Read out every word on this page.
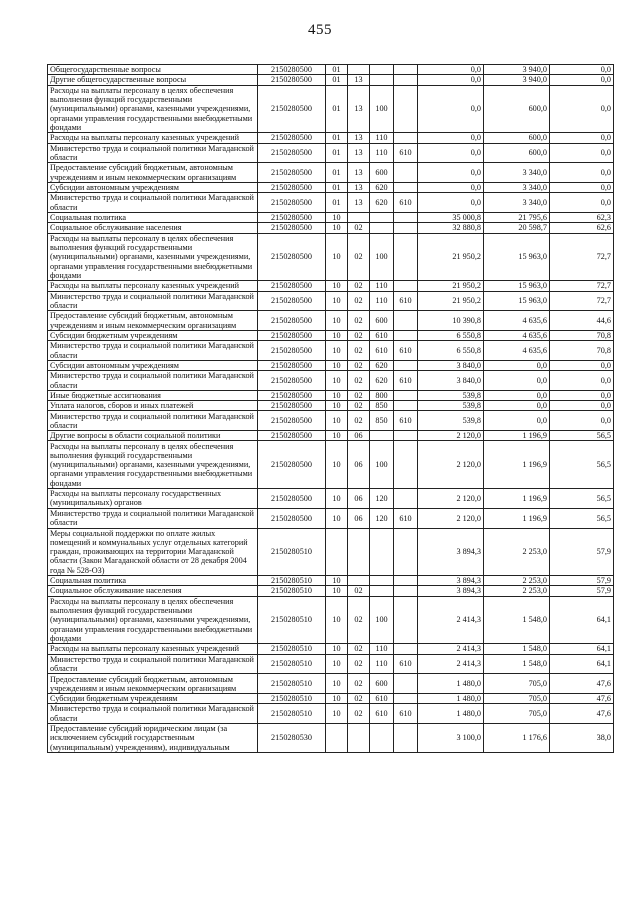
455
Общегосударственные вопросы	2150280500	01				0,0	3 940,0	0,0
Другие общегосударственные вопросы	2150280500	01	13			0,0	3 940,0	0,0
Расходы на выплаты персоналу в целях обеспечения выполнения функций государственными (муниципальными) органами, казенными учреждениями, органами управления государственными внебюджетными фондами	2150280500	01	13	100		0,0	600,0	0,0
Расходы на выплаты персоналу казенных учреждений	2150280500	01	13	110		0,0	600,0	0,0
Министерство труда и социальной политики Магаданской области	2150280500	01	13	110	610	0,0	600,0	0,0
Предоставление субсидий бюджетным, автономным учреждениям и иным некоммерческим организациям	2150280500	01	13	600		0,0	3 340,0	0,0
Субсидии автономным учреждениям	2150280500	01	13	620		0,0	3 340,0	0,0
Министерство труда и социальной политики Магаданской области	2150280500	01	13	620	610	0,0	3 340,0	0,0
Социальная политика	2150280500	10				35 000,8	21 795,6	62,3
Социальное обслуживание населения	2150280500	10	02			32 880,8	20 598,7	62,6
Расходы на выплаты персоналу в целях обеспечения выполнения функций государственными (муниципальными) органами, казенными учреждениями, органами управления государственными внебюджетными фондами	2150280500	10	02	100		21 950,2	15 963,0	72,7
Расходы на выплаты персоналу казенных учреждений	2150280500	10	02	110		21 950,2	15 963,0	72,7
Министерство труда и социальной политики Магаданской области	2150280500	10	02	110	610	21 950,2	15 963,0	72,7
Предоставление субсидий бюджетным, автономным учреждениям и иным некоммерческим организациям	2150280500	10	02	600		10 390,8	4 635,6	44,6
Субсидии бюджетным учреждениям	2150280500	10	02	610		6 550,8	4 635,6	70,8
Министерство труда и социальной политики Магаданской области	2150280500	10	02	610	610	6 550,8	4 635,6	70,8
Субсидии автономным учреждениям	2150280500	10	02	620		3 840,0	0,0	0,0
Министерство труда и социальной политики Магаданской области	2150280500	10	02	620	610	3 840,0	0,0	0,0
Иные бюджетные ассигнования	2150280500	10	02	800		539,8	0,0	0,0
Уплата налогов, сборов и иных платежей	2150280500	10	02	850		539,8	0,0	0,0
Министерство труда и социальной политики Магаданской области	2150280500	10	02	850	610	539,8	0,0	0,0
Другие вопросы в области социальной политики	2150280500	10	06			2 120,0	1 196,9	56,5
Расходы на выплаты персоналу в целях обеспечения выполнения функций государственными (муниципальными) органами, казенными учреждениями, органами управления государственными внебюджетными фондами	2150280500	10	06	100		2 120,0	1 196,9	56,5
Расходы на выплаты персоналу государственных (муниципальных) органов	2150280500	10	06	120		2 120,0	1 196,9	56,5
Министерство труда и социальной политики Магаданской области	2150280500	10	06	120	610	2 120,0	1 196,9	56,5
Меры социальной поддержки по оплате жилых помещений и коммунальных услуг отдельных категорий граждан, проживающих на территории Магаданской области (Закон Магаданской области от 28 декабря 2004 года № 528-ОЗ)	2150280510					3 894,3	2 253,0	57,9
Социальная политика	2150280510	10				3 894,3	2 253,0	57,9
Социальное обслуживание населения	2150280510	10	02			3 894,3	2 253,0	57,9
Расходы на выплаты персоналу в целях обеспечения выполнения функций государственными (муниципальными) органами, казенными учреждениями, органами управления государственными внебюджетными фондами	2150280510	10	02	100		2 414,3	1 548,0	64,1
Расходы на выплаты персоналу казенных учреждений	2150280510	10	02	110		2 414,3	1 548,0	64,1
Министерство труда и социальной политики Магаданской области	2150280510	10	02	110	610	2 414,3	1 548,0	64,1
Предоставление субсидий бюджетным, автономным учреждениям и иным некоммерческим организациям	2150280510	10	02	600		1 480,0	705,0	47,6
Субсидии бюджетным учреждениям	2150280510	10	02	610		1 480,0	705,0	47,6
Министерство труда и социальной политики Магаданской области	2150280510	10	02	610	610	1 480,0	705,0	47,6
Предоставление субсидий юридическим лицам (за исключением субсидий государственным (муниципальным) учреждениям), индивидуальным	2150280530					3 100,0	1 176,6	38,0
